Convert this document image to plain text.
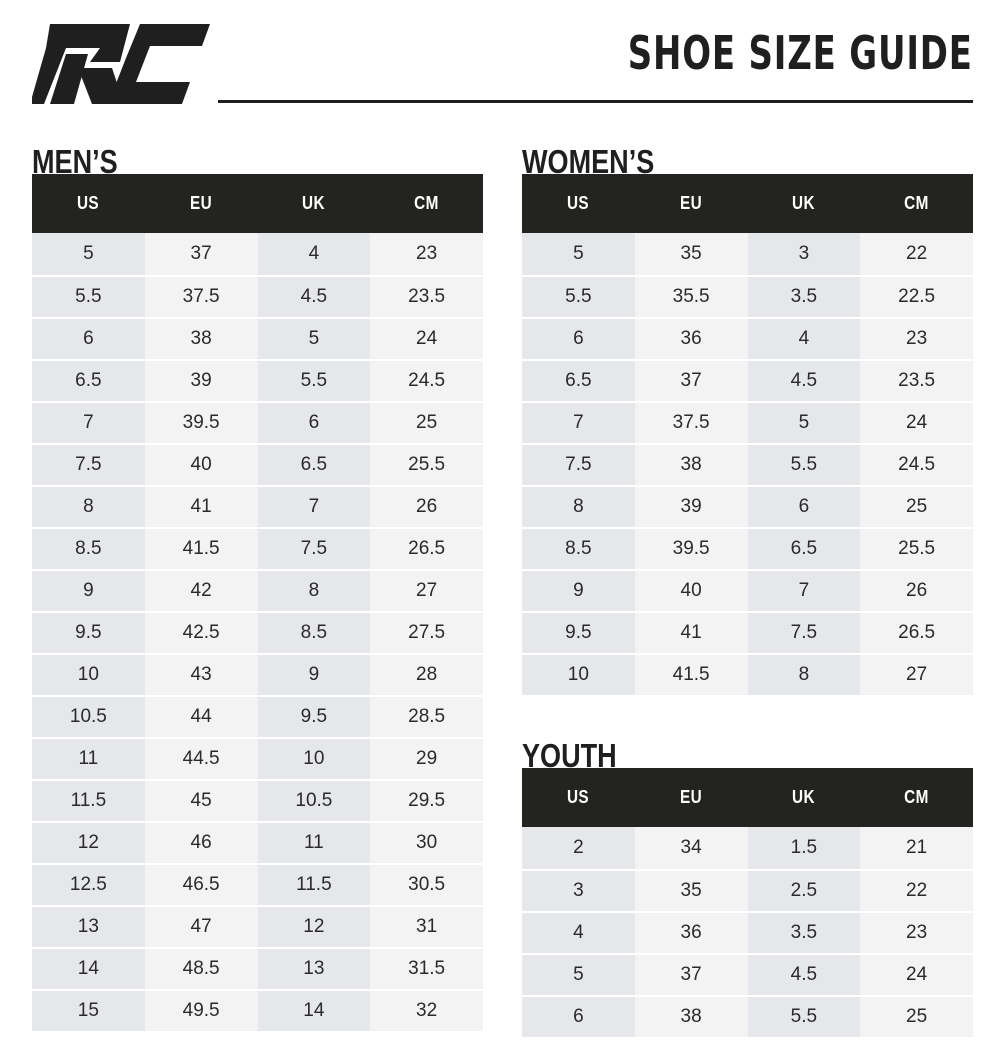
SHOE SIZE GUIDE
MEN’S
US	EU	UK	CM
5	37	4	23
5.5	37.5	4.5	23.5
6	38	5	24
6.5	39	5.5	24.5
7	39.5	6	25
7.5	40	6.5	25.5
8	41	7	26
8.5	41.5	7.5	26.5
9	42	8	27
9.5	42.5	8.5	27.5
10	43	9	28
10.5	44	9.5	28.5
11	44.5	10	29
11.5	45	10.5	29.5
12	46	11	30
12.5	46.5	11.5	30.5
13	47	12	31
14	48.5	13	31.5
15	49.5	14	32
WOMEN’S
US	EU	UK	CM
5	35	3	22
5.5	35.5	3.5	22.5
6	36	4	23
6.5	37	4.5	23.5
7	37.5	5	24
7.5	38	5.5	24.5
8	39	6	25
8.5	39.5	6.5	25.5
9	40	7	26
9.5	41	7.5	26.5
10	41.5	8	27
YOUTH
US	EU	UK	CM
2	34	1.5	21
3	35	2.5	22
4	36	3.5	23
5	37	4.5	24
6	38	5.5	25
